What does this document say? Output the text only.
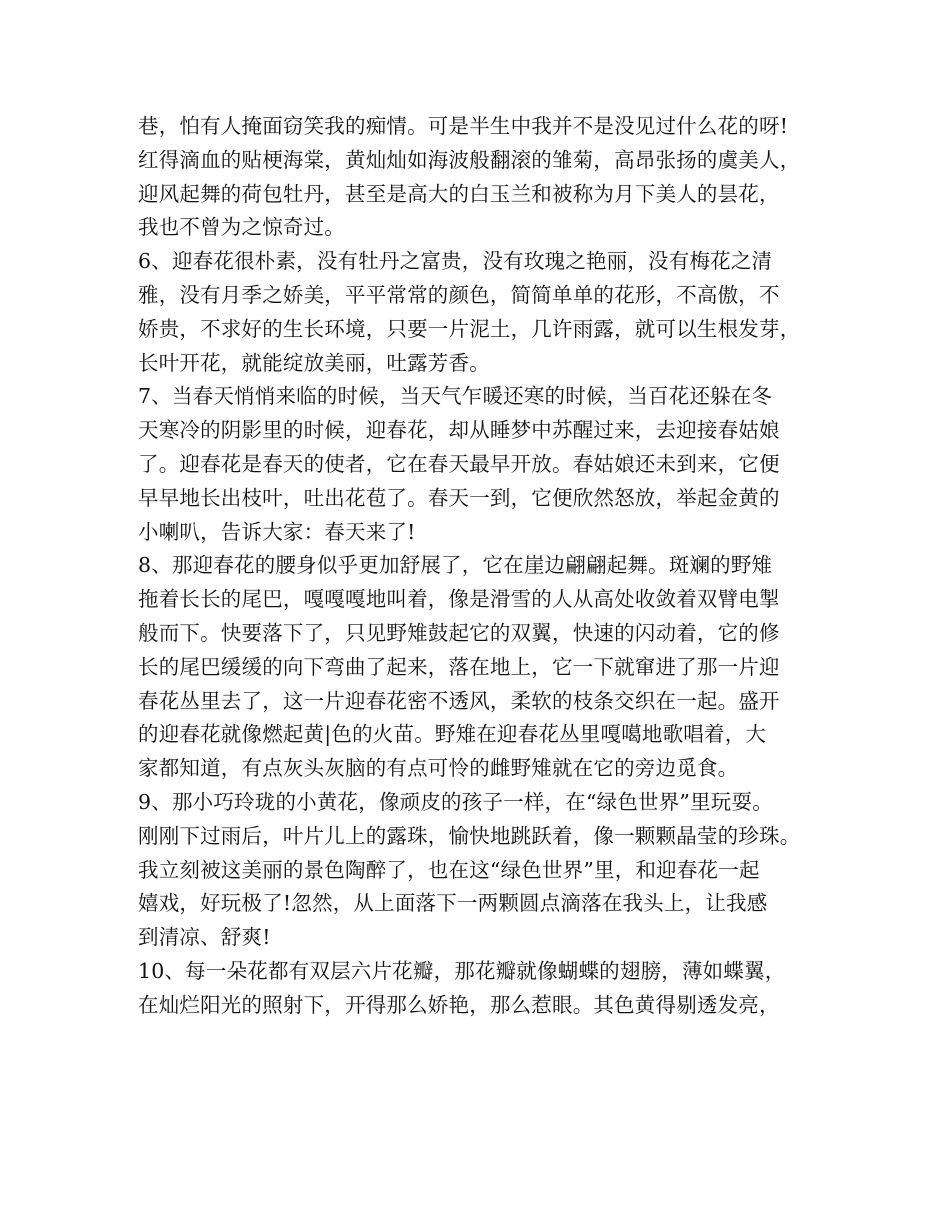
巷，怕有人掩面窃笑我的痴情。可是半生中我并不是没见过什么花的呀!
红得滴血的贴梗海棠，黄灿灿如海波般翻滚的雏菊，高昂张扬的虞美人，
迎风起舞的荷包牡丹，甚至是高大的白玉兰和被称为月下美人的昙花，
我也不曾为之惊奇过。
6、迎春花很朴素，没有牡丹之富贵，没有玫瑰之艳丽，没有梅花之清
雅，没有月季之娇美，平平常常的颜色，简简单单的花形，不高傲，不
娇贵，不求好的生长环境，只要一片泥土，几许雨露，就可以生根发芽，
长叶开花，就能绽放美丽，吐露芳香。
7、当春天悄悄来临的时候，当天气乍暖还寒的时候，当百花还躲在冬
天寒冷的阴影里的时候，迎春花，却从睡梦中苏醒过来，去迎接春姑娘
了。迎春花是春天的使者，它在春天最早开放。春姑娘还未到来，它便
早早地长出枝叶，吐出花苞了。春天一到，它便欣然怒放，举起金黄的
小喇叭，告诉大家：春天来了!
8、那迎春花的腰身似乎更加舒展了，它在崖边翩翩起舞。斑斓的野雉
拖着长长的尾巴，嘎嘎嘎地叫着，像是滑雪的人从高处收敛着双臂电掣
般而下。快要落下了，只见野雉鼓起它的双翼，快速的闪动着，它的修
长的尾巴缓缓的向下弯曲了起来，落在地上，它一下就窜进了那一片迎
春花丛里去了，这一片迎春花密不透风，柔软的枝条交织在一起。盛开
的迎春花就像燃起黄|色的火苗。野雉在迎春花丛里嘎噶地歌唱着，大
家都知道，有点灰头灰脑的有点可怜的雌野雉就在它的旁边觅食。
9、那小巧玲珑的小黄花，像顽皮的孩子一样，在“绿色世界”里玩耍。
刚刚下过雨后，叶片儿上的露珠，愉快地跳跃着，像一颗颗晶莹的珍珠。
我立刻被这美丽的景色陶醉了，也在这“绿色世界”里，和迎春花一起
嬉戏，好玩极了!忽然，从上面落下一两颗圆点滴落在我头上，让我感
到清凉、舒爽!
10、每一朵花都有双层六片花瓣，那花瓣就像蝴蝶的翅膀，薄如蝶翼，
在灿烂阳光的照射下，开得那么娇艳，那么惹眼。其色黄得剔透发亮，
